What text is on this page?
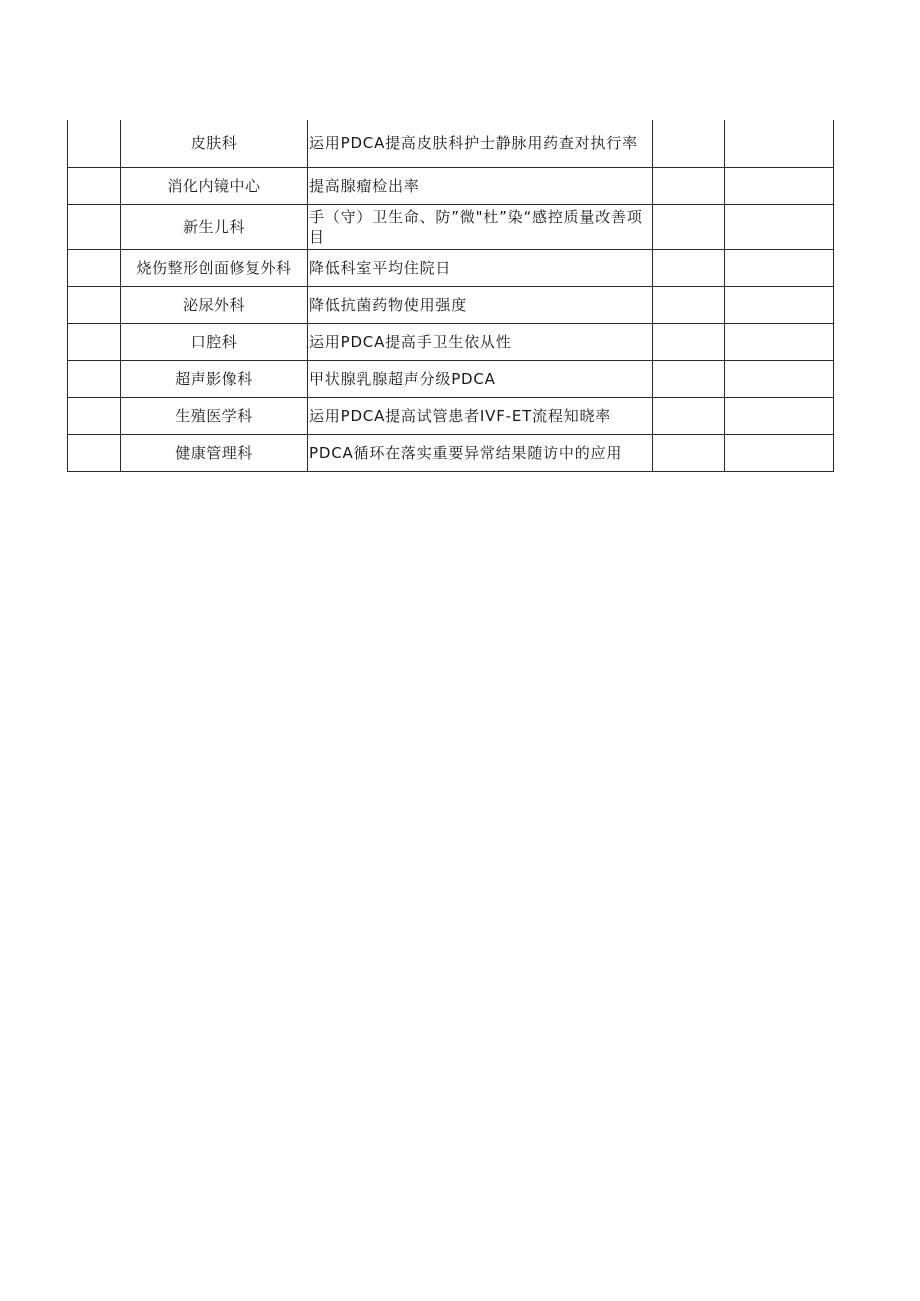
	皮肤科	运用PDCA提高皮肤科护士静脉用药查对执行率		
	消化内镜中心	提高腺瘤检出率		
	新生儿科	手（守）卫生命、防”微"杜”染“感控质量改善项目		
	烧伤整形创面修复外科	降低科室平均住院日		
	泌尿外科	降低抗菌药物使用强度		
	口腔科	运用PDCA提高手卫生依从性		
	超声影像科	甲状腺乳腺超声分级PDCA		
	生殖医学科	运用PDCA提高试管患者IVF-ET流程知晓率		
	健康管理科	PDCA循环在落实重要异常结果随访中的应用		
